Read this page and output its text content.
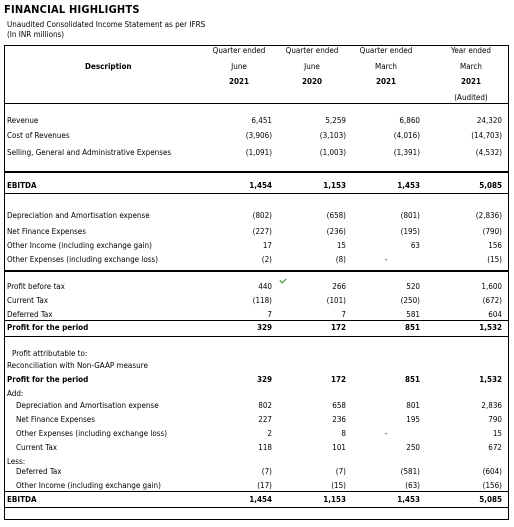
FINANCIAL HIGHLIGHTS
Unaudited Consolidated Income Statement as per IFRS
(In INR millions)
Description
Quarter ended
June
2021
Quarter ended
June
2020
Quarter ended
March
2021
Year ended
March
2021
(Audited)
Revenue	6,451	5,259	6,860	24,320
Cost of Revenues	(3,906)	(3,103)	(4,016)	(14,703)
Selling, General and Administrative Expenses	(1,091)	(1,003)	(1,391)	(4,532)
EBITDA	1,454	1,153	1,453	5,085
Depreciation and Amortisation expense	(802)	(658)	(801)	(2,836)
Net Finance Expenses	(227)	(236)	(195)	(790)
Other Income (including exchange gain)	17	15	63	156
Other Expenses (including exchange loss)	(2)	(8)	-	(15)
Profit before tax	440	266	520	1,600
Current Tax	(118)	(101)	(250)	(672)
Deferred Tax	7	7	581	604
Profit for the period	329	172	851	1,532
Profit attributable to:
Reconciliation with Non-GAAP measure
Profit for the period	329	172	851	1,532
Add:
Depreciation and Amortisation expense	802	658	801	2,836
Net Finance Expenses	227	236	195	790
Other Expenses (including exchange loss)	2	8	-	15
Current Tax	118	101	250	672
Less:
Deferred Tax	(7)	(7)	(581)	(604)
Other Income (including exchange gain)	(17)	(15)	(63)	(156)
EBITDA	1,454	1,153	1,453	5,085
